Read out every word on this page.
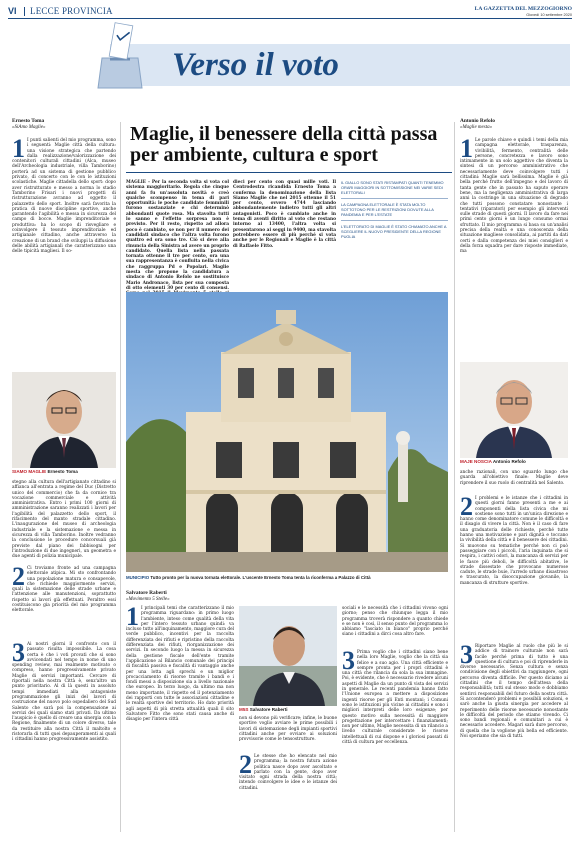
VI LECCE PROVINCIA	LA GAZZETTA DEL MEZZOGIORNO
Giovedì 10 settembre 2020
Verso il voto
Maglie, il benessere della città passa per ambiente, cultura e sport
MAGLIE - Per la seconda volta si vota col sistema maggioritario. Regola che cinque anni fa fu un'assoluta novità e creò qualche scompenso in tema di pari opportunità: le poche candidate femminili furono sostanziate e chi determinò abbondanti quote rosa. Ma stavolta tutti lo sanno e l'effetto sorpresa non è previsto. Per il resto, rispetto ad allora poco è cambiato, se non per il numero dei candidati sindaco che l'altra volta furono quattro ed ora sono tre. Ciò si deve alla rinuncia della Sinistra ad avere un proprio candidato. Quella lista nella passata tornata ottenne il tre per cento, ora una sua rappresentanza è confluita nella civica che raggruppa Pd e Popolari. Maglie mesta che propone la candidatura a sindaco di Antonio Refolo ne sostituisce Mario Andronaco, lista per sua composta di otto elementi 30 per cento di consensi.
dieci per cento con quasi mille voti. Il Centrodestra ricandida Ernesto Toma a conferma la denominazione della lista Siamo Maglie che nel 2015 ottenne il 51 per cento, ovvero 4744 lasciando abbondantemente indietro tutti gli altri antagonisti. Poco è cambiato anche in tema di aventi diritto al voto che restano intorno ai 13400, l'altra volta si presentarono ai seggi in 9400, ma stavolta potrebbero essere di più perché si vota anche per le Regionali e Maglie è la città di Raffaele Fitto.
IL GIALLO SONO STATI RISTAMPATI QUANTI TENEMMO ORARI MAGGIORI IN SOTTOMISSIONE NEI VARIE SEDI ELETTORALI
LA CAMPAGNA ELETTORALE È STATA MOLTO SOTTOTONO PER LE RESTRIZIONI DOVUTE ALLA PANDEMIA E PER L'ESTATE
L'ELETTORATO DI MAGLIE È STATO CHIAMATO ANCHE A SCEGLIERE IL NUOVO PRESIDENTE DELLA REGIONE PUGLIA
Ernesto Toma
«SiAmo Maglie»
1 I punti salienti del mio programma, sono i seguenti: Maglie città della cultura: una visione strategica che partendo dalla realizzazione/valorizzazione dei contenitori culturali cittadini (Alca, museo dell'Archeologia industriale, villa Tamborino) porterà ad un sistema di gestione pubblico privato, di concerto con le con le istituzioni scolastiche. Maglie cittadella dello sport: dopo aver ristrutturato e messo a norma lo stadio Tamborino Frisari i nuovi progetti di ristrutturazione avranno ad oggetto il palazzetto dello sport. Inoltre sarà favorita la pratica di nuove discipline sportive, anche garantendo l'agibilità e messa in sicurezza del campo di bocce. Maglie imprenditoriale e produttiva: ha lo scopo di risvegliare e coinvolgere il tessuto imprenditoriale ed artigianale cittadino, anche attraverso la creazione di un brand che sviluppi la diffusione delle abilità artigianali che caratterizzano una delle tipicità magliesi. Il so-
SIAMO MAGLIE Ernesto Toma
stegno alla cultura dell'artigianato cittadino si affianca all'entrata a regime del Duc (Distretto unico del commercio) che fa da cornice tra vocazione commerciale e attività amministrativa. Entro i primi 100 giorni di amministrazione saranno realizzati i lavori per l'agibilità del palazzetto dello sport, il rifacimento del manto stradale cittadino. L'inaugurazione del museo di archeologia industriale e la sistemazione e messa in sicurezza di villa Tamborino. Inoltre vedranno la conclusione le procedure concorsuali già previste dal piano dei fabbisogni per l'introduzione di due ingegneri, un geometra e due agenti di polizia municipale.
2 Ci troviamo fronte ad una campagna elettorale atipica. Mi sto confrontando una popolazione matura e consapevole, che richiede maggiormente servizi, quali la sistemazione delle strade urbane e l'attenzione alle manutenzioni, soprattutto rispetto ai lavori già effettuati. Peraltro essi costituiscono gia priorità del mio programma elettorale.
3 Ai nostri giorni il confronto con il passato risulta impossibile. La cosa certa è che i voti provati che si sono avvicendati nel tempo in nome di uno spending review, mai realmente motivato o compreso, hanno progressivamente privato Maglie di servizi importanti. Cercare di riportali nella nostra Città è, senz'altro un punto prioritario. Al di là questi in assoluto tempi immediati alla antagoniste programmazione gli inizi del lavori di costruzione del nuovo polo ospedaliero del Sud Salento che sarà poi la compensazione ai servizi dei quali siamo stati privati. Da ultimo l'auspicio è quello di creare una sinergia con la Regione, finalmente di un colore diverso, tale da restituire alla nostra Città il maltolto e ristorarla di tutti quei depauperamenti ai quali i cittadini hanno progressivamente assistito.
MUNICIPIO Tutto pronto per la nuova tornata elettorale. L'uscente Ernesto Toma tenta la riconferma a Palazzo di Città
Salvatore Raberti
«Movimento 5 Stelle»
1 I principali temi che caratterizzano il mio programma riguardano: in primo luogo l'ambiente, inteso come qualità della vita per l'intero tessuto urbano quindi: va incluso tutto all'inquinamento, maggiore cura del verde pubblico, incentivi per la raccolta differenziata dei rifiuti e ripristino della raccolta differenziata dei rifiuti, riorganizzazione dei servizi. In secondo luogo la messa in sicurezza della gestione fiscale dell'ente tramite l'applicazione al Bilancio comunale dei principi di fiscalità passiva e fiscalità di vantaggio anche per una lotta agli sprechi e un miglior procacciamento di risorse tramite i bandi e i fondi messi a disposizione sia a livello nazionale che europeo. In terzo luogo, da ultimo ma non meno importante, il rispetto ed il potenziamento dei rapporti con tutte le associazioni cittadine e le realtà sportive del territorio. Ho dato priorità agli aspetti di più stretta attualità quali il sito Salvatore Fitto che sono stati causa anche di disagio per l'intera città
M5S Salvatore Raberti
non si devono più verificare; infine, le buone sportive voglio avviare le prime possibili i lavori di sistemazione degli impianti sportivi cittadini anche per ovviare ai soluzioni provvisorie come le tensostrutture.
2 Le stesse che ho elencato nel mio programma; la nostra futura azione politica nasce dopo aver ascoltato e parlato con la gente, dopo aver visitato ogni strada della nostra città; intendo coinvolgere le idee e le istanze dei cittadini.
sociali e le necessità che i cittadini vivono ogni giorno; penso che chiunque legga il mio programma troverà rispondere a quanto chiede e se non è così, il senso punto del programma lo abbiamo "lasciato in bianco" proprio perché siano i cittadini a dirci cosa altro fare.
3 Prima voglio che i cittadini siano bene nella loro Maglie, voglio che la città sia felice e a suo agio. Una città efficiente e sempre pronta per i propri cittadini è una città che rilancia da sola la sua immagine. Poi, è evidente, che è necessario rivedere alcuni aspetti di Maglie da un punto di vista dei servizi in generale. Le recenti pandemia hanno fatto l'Unione europea a mettere a disposizione ingenti risorse per gli Enti montani; i Comuni sono le istituzioni più vicine ai cittadini e sono i migliori interpreti delle loro esigenze; per questo motivo sulla necessità di maggiore progettazione per intercettare i finanziamenti; non per ultimo, Maglie necessita di un rilancio a livello culturale considerate le risorse intellettuali di cui dispone e i gloriosi passati di città di cultura per eccellenza.
Antonio Refolo
«Maglie mesta»
1 Le parole chiave e quindi i temi della mia campagna elettorale, trasparenza, vivibilità, fermento, centralità delle persone, concretezza e lavoro sono intimamente in un solo aggettivo che diventa la sintesi di un percorso amministrativo che necessariamente deve coinvolgere tutti i cittadini: Maglie sarà bellissima. Maglie è già bella perché frutto dell'impegno e del lavoro di tanta gente che in passato ha saputo operare bene, ma la negligenza amministrativa di larga anni la costringe in una situazione di degrado che tutti possono constatare nonostante i tentativi (riparatori) per esempio gli interventi sulle strade di questi giorni. Il lavoro da fare nei primi cento giorni è un lungo consumo ormai sfruttato. Il mio programma si basa su un'analisi precisa della realtà e una conoscenza della situazione magliese consolidata, ai partiti da dati certi e dalla competenza dei miei consiglieri e della forza squadra per dare risposte immediate, ma
MAJE NOSCIA Antonio Refolo
anche razionali, con uno sguardo lungo che guarda all'obiettivo finale: Maglie deve riprendere il suo ruolo di centralità nel Salento.
2 I problemi e le istanze che i cittadini in questi giorni fanno presenti a me e ai componenti della lista civica che mi sostiene sono tutti in un'unica direzione e hanno come denominatore comune le difficoltà e il disagio di vivere la città. Non è il caso di fare una graduatoria delle richieste, perché tutte hanno una motivazione e pari dignità e toccano la vivibilità della città e il benessere dei cittadini. Si muovono su tematiche perché non ci può passeggiare con i piccoli, l'aria inquinata che si respira, i cattivi odori, la mancanza di servizi per le fasce più deboli, le difficoltà abitative, le strade dissestate che provocano numerose cadute, le strade buie, l'arredo urbano disastroso e trascurato, la disoccupazione giovanile, la mancanza di strutture sportive.
3 Riportare Maglie al ruolo che più le si addice di trainore culturale non sarà facile perché prima di tutto è una questione di cultura e poi di riprenderle in diverse necessarie. Senza cultura e senza condivisione degli obiettivi da raggiungere, ogni percorso diventa difficile. Per questo diciamo ai cittadini che il tempo dell'attesa della responsabilità; tutti sul stesso modo e dobbiamo sentirci responsabili del futuro della nostra città. Si accontenderò problemi e possibili soluzioni, e sarò anche la giusta sinergia per accedere al reperimento delle risorse necessarie nonostante le difficoltà del periodo che stiamo vivendo. Ci sono bandi regionali e comunitari a cui è necessario accedere. Magari sarà dure percorso, di quella che la voglione più bella ed efficiente. Noi speriamo che sia di tutti.
